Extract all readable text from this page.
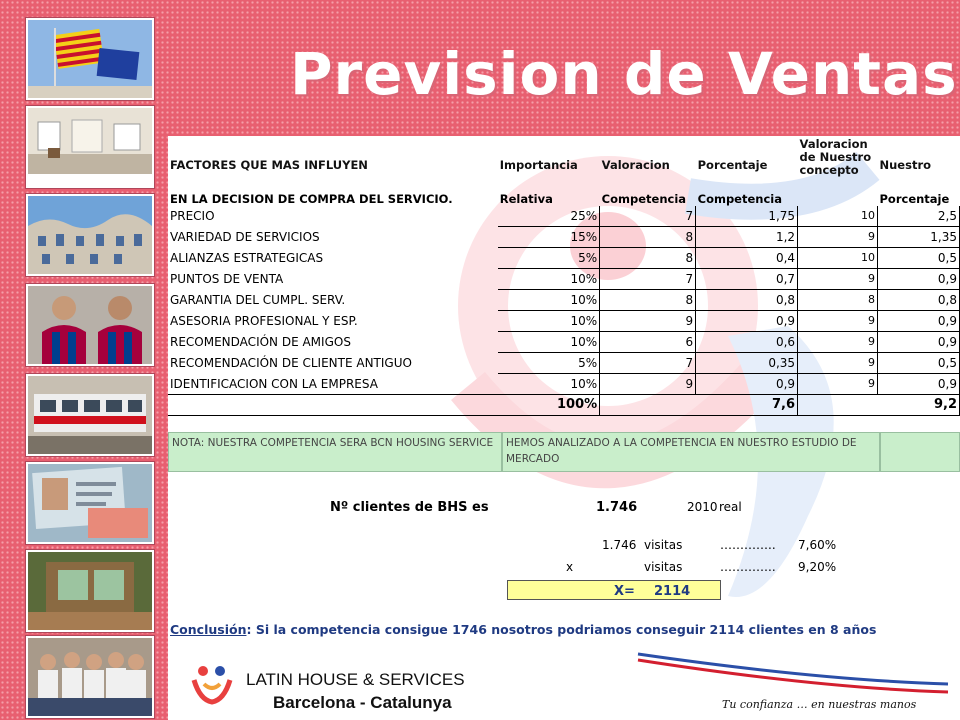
Prevision de Ventas
FACTORES QUE MAS INFLUYEN	Importancia	Valoracion	Porcentaje	Valoracion de Nuestro concepto	Nuestro
EN LA DECISION DE COMPRA DEL SERVICIO.	Relativa	Competencia	Competencia		Porcentaje
PRECIO	25%	7	1,75	10	2,5
VARIEDAD DE SERVICIOS	15%	8	1,2	9	1,35
ALIANZAS ESTRATEGICAS	5%	8	0,4	10	0,5
PUNTOS DE VENTA	10%	7	0,7	9	0,9
GARANTIA DEL CUMPL. SERV.	10%	8	0,8	8	0,8
ASESORIA PROFESIONAL Y ESP.	10%	9	0,9	9	0,9
RECOMENDACIÓN DE AMIGOS	10%	6	0,6	9	0,9
RECOMENDACIÓN DE CLIENTE ANTIGUO	5%	7	0,35	9	0,5
IDENTIFICACION CON LA EMPRESA	10%	9	0,9	9	0,9
	100%		7,6		9,2
NOTA: NUESTRA COMPETENCIA SERA BCN HOUSING SERVICE	HEMOS ANALIZADO A LA COMPETENCIA EN NUESTRO ESTUDIO DE MERCADO
Nº clientes de BHS es	1.746	2010 real
1.746 visitas	………….. 7,60%
x	visitas	………….. 9,20%
X= 2114
Conclusión: Si la competencia consigue 1746 nosotros podriamos conseguir 2114 clientes en 8 años
LATIN HOUSE & SERVICES
Barcelona - Catalunya	Tu confianza … en nuestras manos
